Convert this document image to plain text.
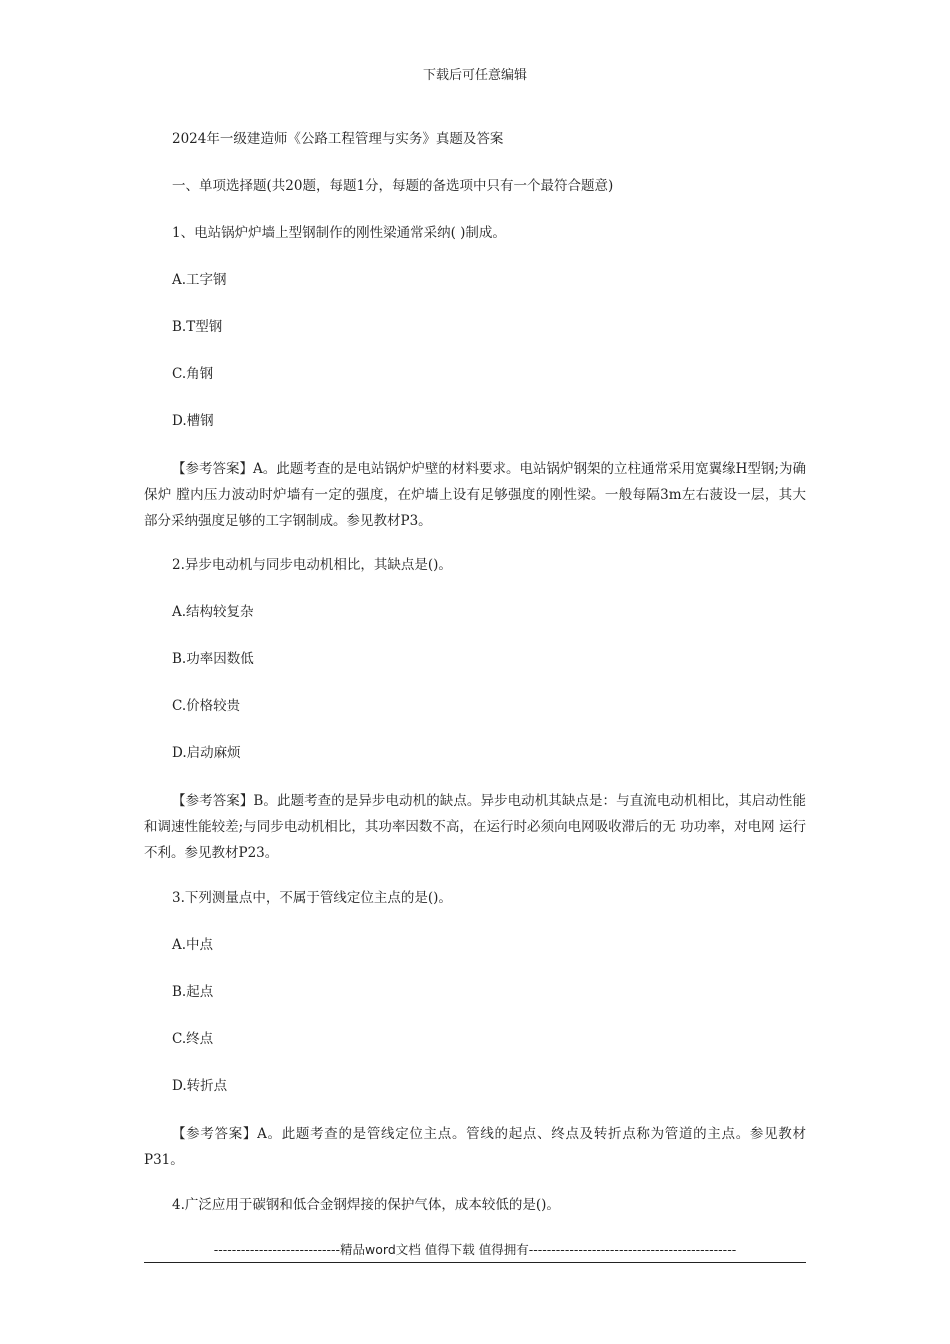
下载后可任意编辑
2024年一级建造师《公路工程管理与实务》真题及答案
一、单项选择题(共20题，每题1分，每题的备选项中只有一个最符合题意)
1、电站锅炉炉墙上型钢制作的刚性梁通常采纳( )制成。
A.工字钢
B.T型钢
C.角钢
D.槽钢
【参考答案】A。此题考查的是电站锅炉炉壁的材料要求。电站锅炉钢架的立柱通常采用宽翼缘H型钢;为确 保炉 膛内压力波动时炉墙有一定的强度，在炉墙上设有足够强度的刚性梁。一般每隔3m左右菠设一层，其大 部分采纳强度足够的工字钢制成。参见教材P3。
2.异步电动机与同步电动机相比，其缺点是()。
A.结构较复杂
B.功率因数低
C.价格较贵
D.启动麻烦
【参考答案】B。此题考查的是异步电动机的缺点。异步电动机其缺点是：与直流电动机相比，其启动性能 和调速性能较差;与同步电动机相比，其功率因数不高，在运行时必须向电网吸收滞后的无 功功率，对电网 运行不利。参见教材P23。
3.下列测量点中，不属于管线定位主点的是()。
A.中点
B.起点
C.终点
D.转折点
【参考答案】A。此题考查的是管线定位主点。管线的起点、终点及转折点称为管道的主点。参见教材P31。
4.广泛应用于碳钢和低合金钢焊接的保护气体，成本较低的是()。
----------------------------精品word文档 值得下载 值得拥有----------------------------------------------
